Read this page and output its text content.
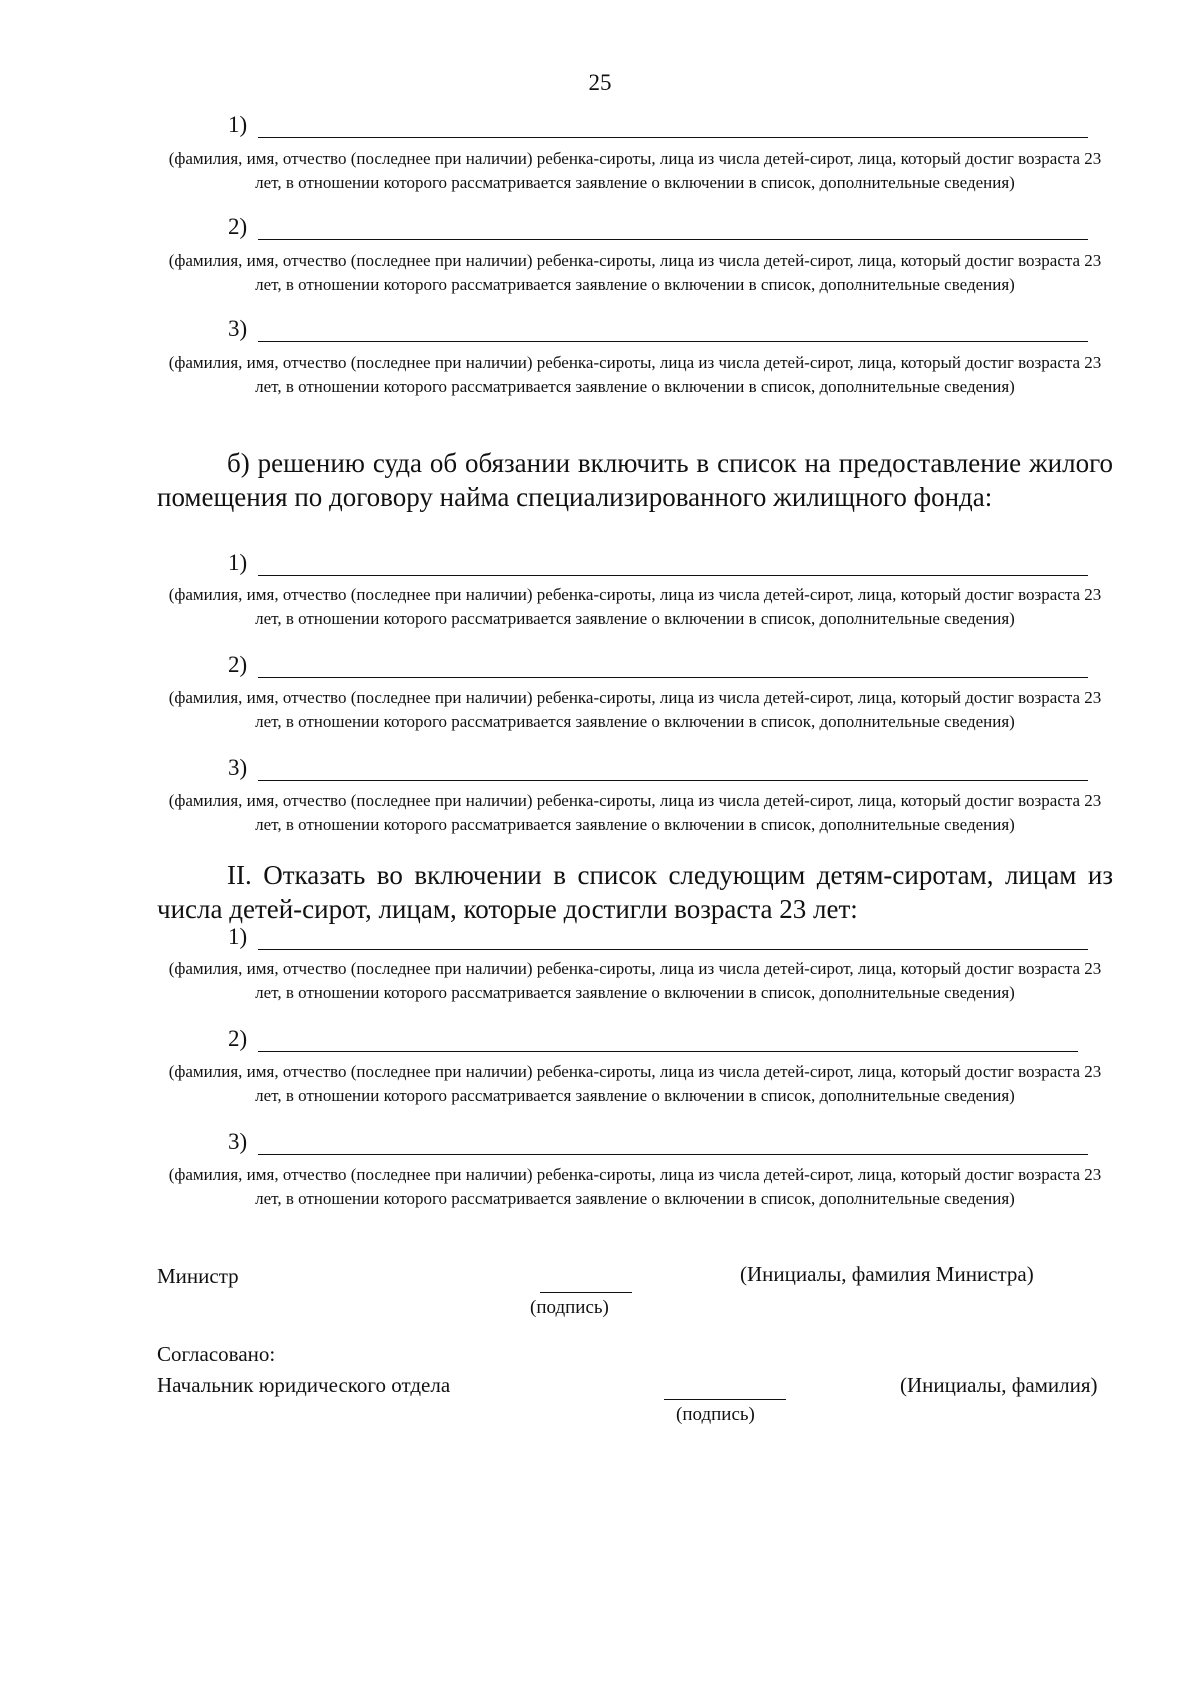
25
1)
(фамилия, имя, отчество (последнее при наличии) ребенка-сироты, лица из числа детей-сирот, лица, который достиг возраста 23 лет, в отношении которого рассматривается заявление о включении в список, дополнительные сведения)
2)
(фамилия, имя, отчество (последнее при наличии) ребенка-сироты, лица из числа детей-сирот, лица, который достиг возраста 23 лет, в отношении которого рассматривается заявление о включении в список, дополнительные сведения)
3)
(фамилия, имя, отчество (последнее при наличии) ребенка-сироты, лица из числа детей-сирот, лица, который достиг возраста 23 лет, в отношении которого рассматривается заявление о включении в список, дополнительные сведения)
б) решению суда об обязании включить в список на предоставление жилого помещения по договору найма специализированного жилищного фонда:
1)
(фамилия, имя, отчество (последнее при наличии) ребенка-сироты, лица из числа детей-сирот, лица, который достиг возраста 23 лет, в отношении которого рассматривается заявление о включении в список, дополнительные сведения)
2)
(фамилия, имя, отчество (последнее при наличии) ребенка-сироты, лица из числа детей-сирот, лица, который достиг возраста 23 лет, в отношении которого рассматривается заявление о включении в список, дополнительные сведения)
3)
(фамилия, имя, отчество (последнее при наличии) ребенка-сироты, лица из числа детей-сирот, лица, который достиг возраста 23 лет, в отношении которого рассматривается заявление о включении в список, дополнительные сведения)
II. Отказать во включении в список следующим детям-сиротам, лицам из числа детей-сирот, лицам, которые достигли возраста 23 лет:
1)
(фамилия, имя, отчество (последнее при наличии) ребенка-сироты, лица из числа детей-сирот, лица, который достиг возраста 23 лет, в отношении которого рассматривается заявление о включении в список, дополнительные сведения)
2)
(фамилия, имя, отчество (последнее при наличии) ребенка-сироты, лица из числа детей-сирот, лица, который достиг возраста 23 лет, в отношении которого рассматривается заявление о включении в список, дополнительные сведения)
3)
(фамилия, имя, отчество (последнее при наличии) ребенка-сироты, лица из числа детей-сирот, лица, который достиг возраста 23 лет, в отношении которого рассматривается заявление о включении в список, дополнительные сведения)
Министр
(подпись)
(Инициалы, фамилия Министра)
Согласовано:
Начальник юридического отдела
(подпись)
(Инициалы, фамилия)
